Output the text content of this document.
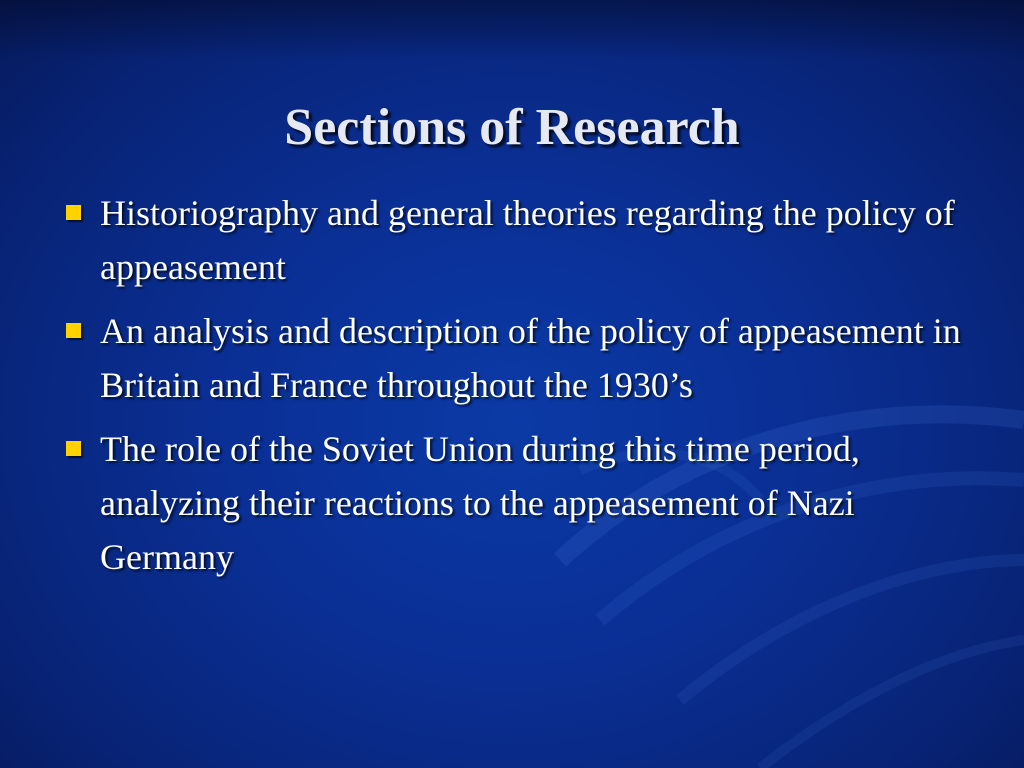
Sections of Research
Historiography and general theories regarding the policy of appeasement
An analysis and description of the policy of appeasement in Britain and France throughout the 1930’s
The role of the Soviet Union during this time period, analyzing their reactions to the appeasement of Nazi Germany
